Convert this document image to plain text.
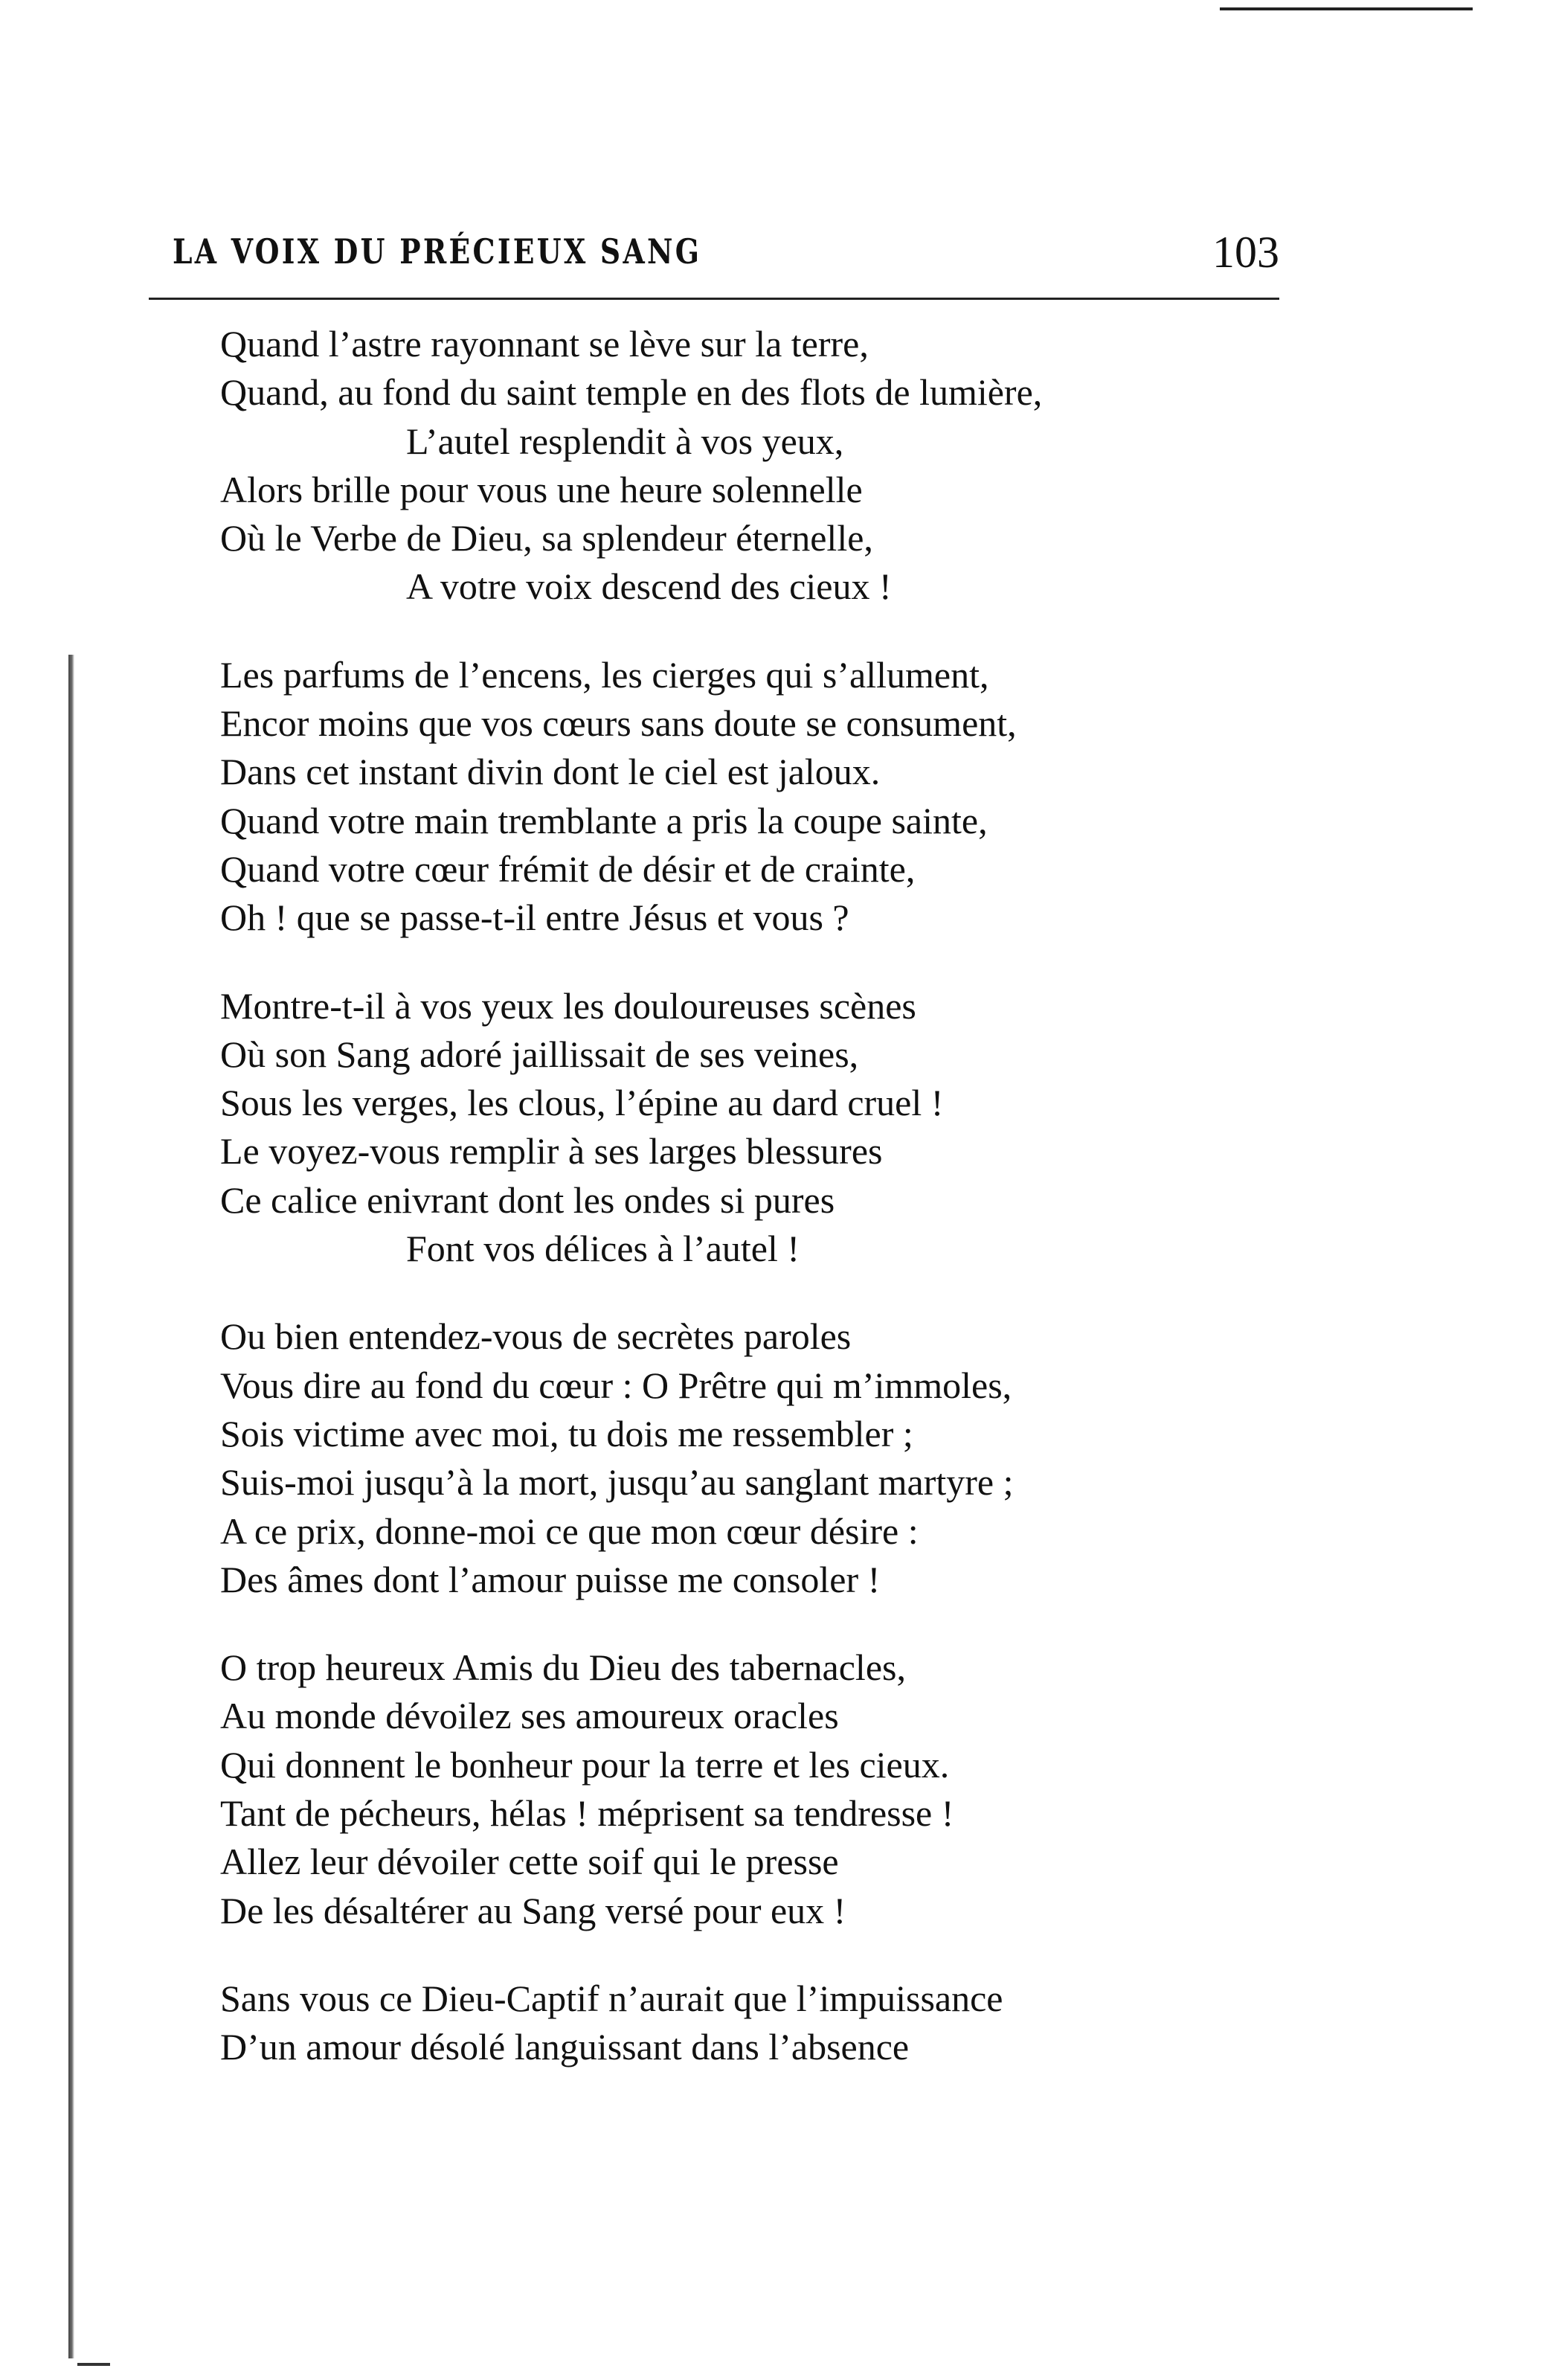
LA VOIX DU PRÉCIEUX SANG	103
Quand l’astre rayonnant se lève sur la terre,
Quand, au fond du saint temple en des flots de lumière,
L’autel resplendit à vos yeux,
Alors brille pour vous une heure solennelle
Où le Verbe de Dieu, sa splendeur éternelle,
A votre voix descend des cieux !
Les parfums de l’encens, les cierges qui s’allument,
Encor moins que vos cœurs sans doute se consument,
Dans cet instant divin dont le ciel est jaloux.
Quand votre main tremblante a pris la coupe sainte,
Quand votre cœur frémit de désir et de crainte,
Oh ! que se passe-t-il entre Jésus et vous ?
Montre-t-il à vos yeux les douloureuses scènes
Où son Sang adoré jaillissait de ses veines,
Sous les verges, les clous, l’épine au dard cruel !
Le voyez-vous remplir à ses larges blessures
Ce calice enivrant dont les ondes si pures
Font vos délices à l’autel !
Ou bien entendez-vous de secrètes paroles
Vous dire au fond du cœur : O Prêtre qui m’immoles,
Sois victime avec moi, tu dois me ressembler ;
Suis-moi jusqu’à la mort, jusqu’au sanglant martyre ;
A ce prix, donne-moi ce que mon cœur désire :
Des âmes dont l’amour puisse me consoler !
O trop heureux Amis du Dieu des tabernacles,
Au monde dévoilez ses amoureux oracles
Qui donnent le bonheur pour la terre et les cieux.
Tant de pécheurs, hélas ! méprisent sa tendresse !
Allez leur dévoiler cette soif qui le presse
De les désaltérer au Sang versé pour eux !
Sans vous ce Dieu-Captif n’aurait que l’impuissance
D’un amour désolé languissant dans l’absence
